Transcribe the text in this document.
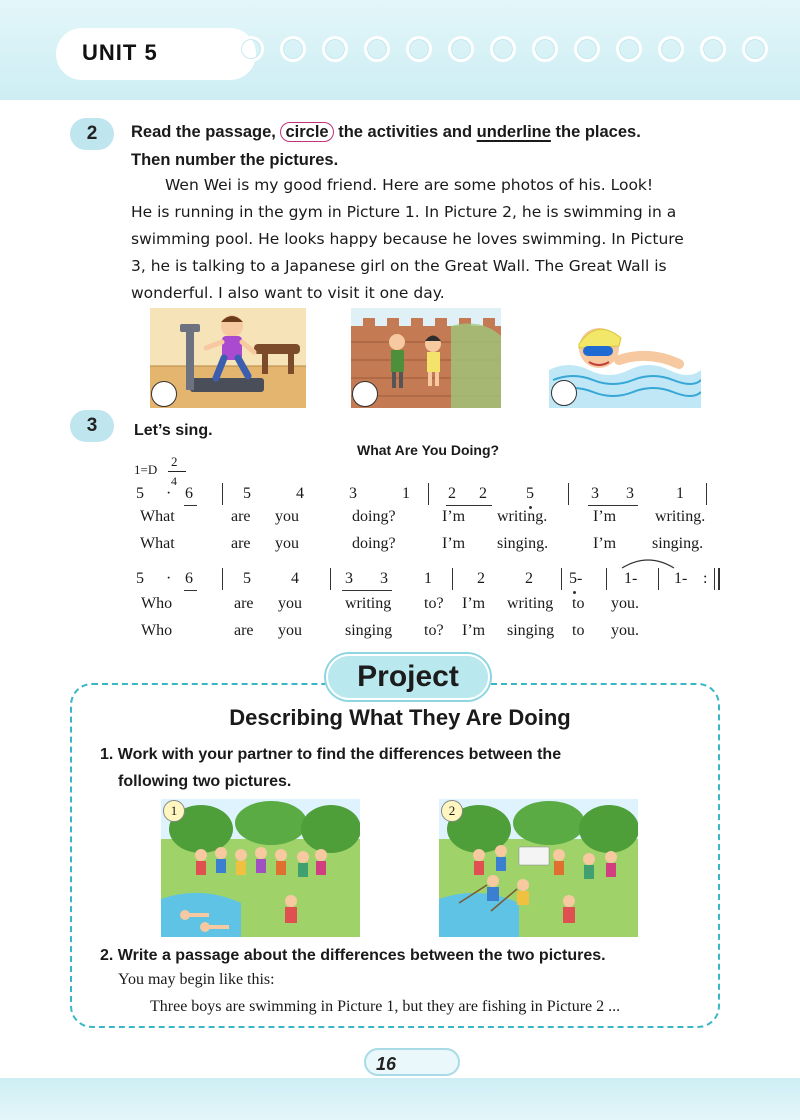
UNIT 5
2	Read the passage, circle the activities and underline the places.
Then number the pictures.
Wen Wei is my good friend. Here are some photos of his. Look!
He is running in the gym in Picture 1. In Picture 2, he is swimming in a
swimming pool. He looks happy because he loves swimming. In Picture
3, he is talking to a Japanese girl on the Great Wall. The Great Wall is
wonderful. I also want to visit it one day.
3	Let’s sing.
What Are You Doing?
1=D
2
4
5 · 6	5	4	3	1 2 2 5	3 3	1
What	are you	doing?	I’m writing.	I’m writing.
What	are you	doing?	I’m singing.	I’m singing.
5 · 6	5	4	3 3 1	2	2 5-	1- 1- :
Who	are you	writing to? I’m writing to you.
Who	are you	singing to? I’m singing to you.
Project
Describing What They Are Doing
1. Work with your partner to find the differences between the
following two pictures.
1	2
2. Write a passage about the differences between the two pictures.
You may begin like this:
Three boys are swimming in Picture 1, but they are fishing in Picture 2 ...
16
